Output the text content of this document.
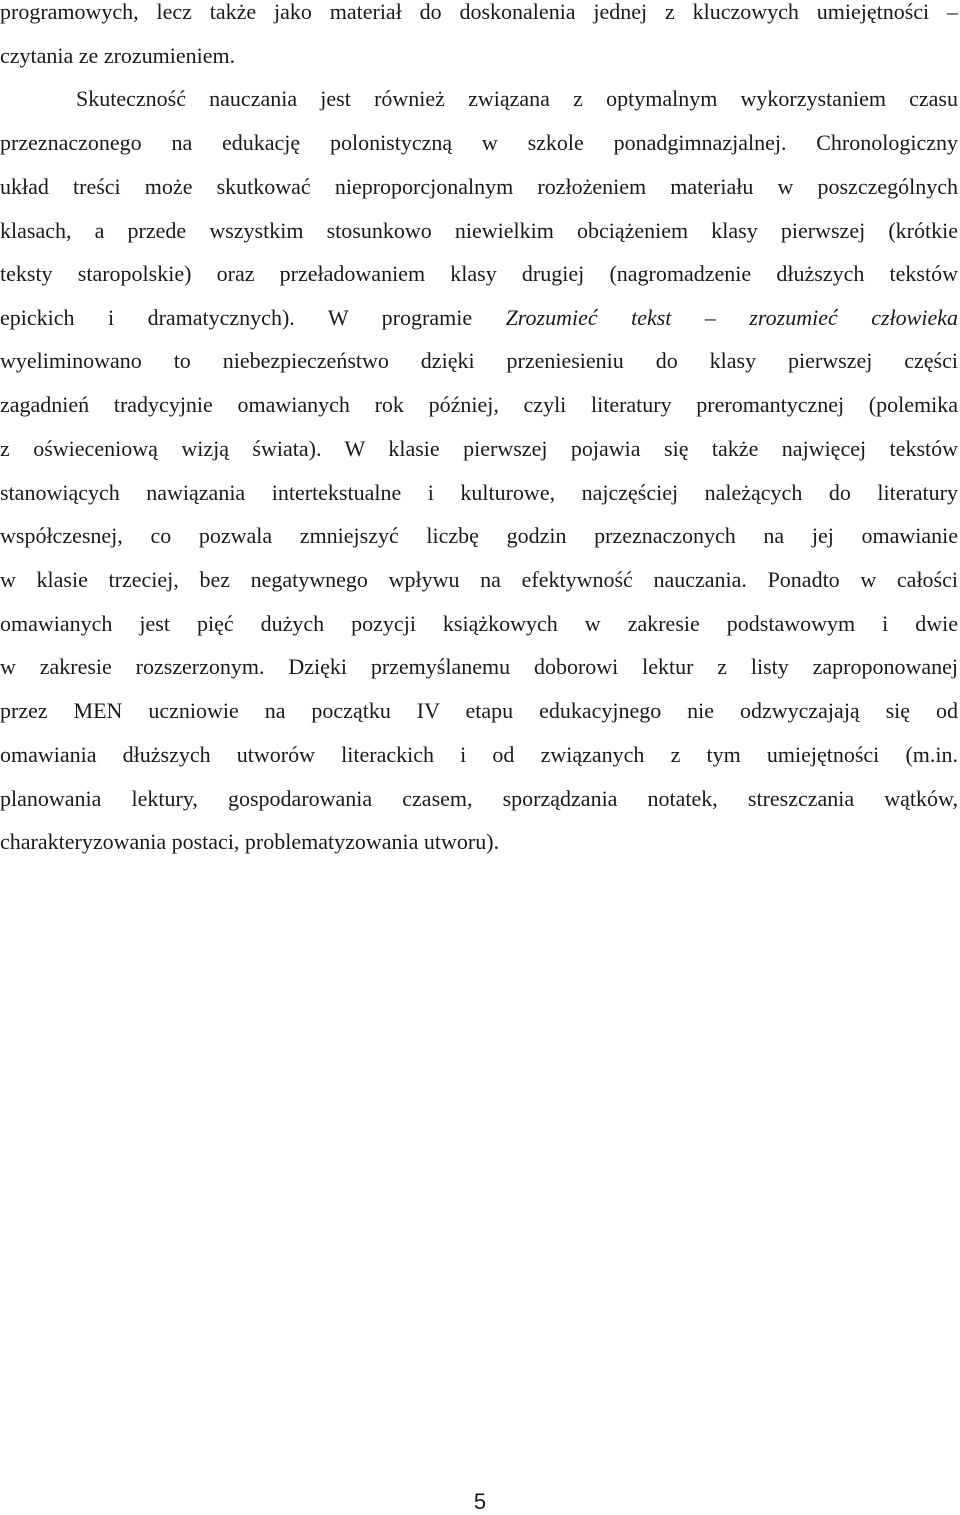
programowych, lecz także jako materiał do doskonalenia jednej z kluczowych umiejętności –
czytania ze zrozumieniem.
Skuteczność nauczania jest również związana z optymalnym wykorzystaniem czasu
przeznaczonego na edukację polonistyczną w szkole ponadgimnazjalnej. Chronologiczny
układ treści może skutkować nieproporcjonalnym rozłożeniem materiału w poszczególnych
klasach, a przede wszystkim stosunkowo niewielkim obciążeniem klasy pierwszej (krótkie
teksty staropolskie) oraz przeładowaniem klasy drugiej (nagromadzenie dłuższych tekstów
epickich i dramatycznych). W programie Zrozumieć tekst – zrozumieć człowieka
wyeliminowano to niebezpieczeństwo dzięki przeniesieniu do klasy pierwszej części
zagadnień tradycyjnie omawianych rok później, czyli literatury preromantycznej (polemika
z oświeceniową wizją świata). W klasie pierwszej pojawia się także najwięcej tekstów
stanowiących nawiązania intertekstualne i kulturowe, najczęściej należących do literatury
współczesnej, co pozwala zmniejszyć liczbę godzin przeznaczonych na jej omawianie
w klasie trzeciej, bez negatywnego wpływu na efektywność nauczania. Ponadto w całości
omawianych jest pięć dużych pozycji książkowych w zakresie podstawowym i dwie
w zakresie rozszerzonym. Dzięki przemyślanemu doborowi lektur z listy zaproponowanej
przez MEN uczniowie na początku IV etapu edukacyjnego nie odzwyczajają się od
omawiania dłuższych utworów literackich i od związanych z tym umiejętności (m.in.
planowania lektury, gospodarowania czasem, sporządzania notatek, streszczania wątków,
charakteryzowania postaci, problematyzowania utworu).
5
